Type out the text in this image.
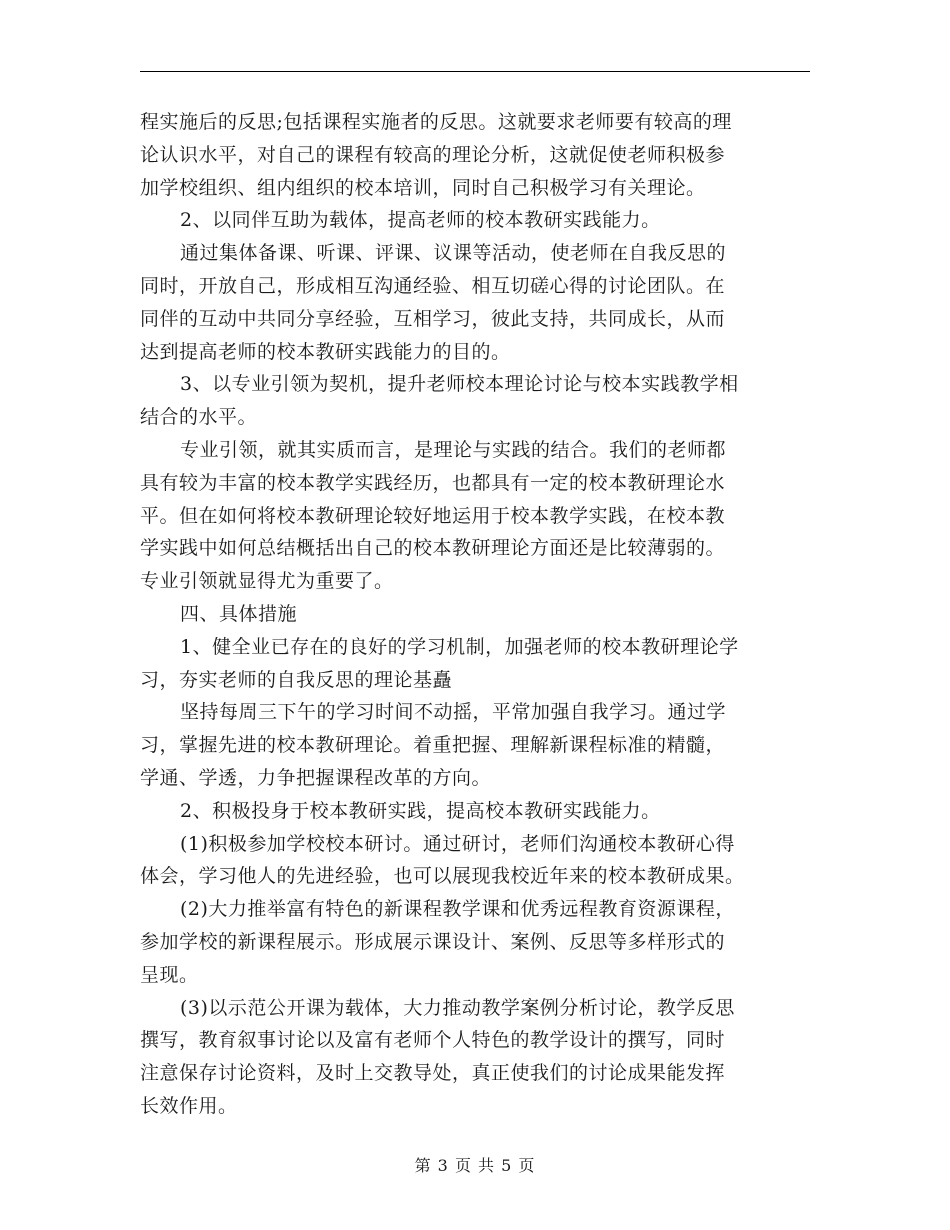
程实施后的反思;包括课程实施者的反思。这就要求老师要有较高的理
论认识水平，对自己的课程有较高的理论分析，这就促使老师积极参
加学校组织、组内组织的校本培训，同时自己积极学习有关理论。
2、以同伴互助为载体，提高老师的校本教研实践能力。
通过集体备课、听课、评课、议课等活动，使老师在自我反思的
同时，开放自己，形成相互沟通经验、相互切磋心得的讨论团队。在
同伴的互动中共同分享经验，互相学习，彼此支持，共同成长，从而
达到提高老师的校本教研实践能力的目的。
3、以专业引领为契机，提升老师校本理论讨论与校本实践教学相
结合的水平。
专业引领，就其实质而言，是理论与实践的结合。我们的老师都
具有较为丰富的校本教学实践经历，也都具有一定的校本教研理论水
平。但在如何将校本教研理论较好地运用于校本教学实践，在校本教
学实践中如何总结概括出自己的校本教研理论方面还是比较薄弱的。
专业引领就显得尤为重要了。
四、具体措施
1、健全业已存在的良好的学习机制，加强老师的校本教研理论学
习，夯实老师的自我反思的理论基矗
坚持每周三下午的学习时间不动摇，平常加强自我学习。通过学
习，掌握先进的校本教研理论。着重把握、理解新课程标准的精髓，
学通、学透，力争把握课程改革的方向。
2、积极投身于校本教研实践，提高校本教研实践能力。
(1)积极参加学校校本研讨。通过研讨，老师们沟通校本教研心得
体会，学习他人的先进经验，也可以展现我校近年来的校本教研成果。
(2)大力推举富有特色的新课程教学课和优秀远程教育资源课程，
参加学校的新课程展示。形成展示课设计、案例、反思等多样形式的
呈现。
(3)以示范公开课为载体，大力推动教学案例分析讨论，教学反思
撰写，教育叙事讨论以及富有老师个人特色的教学设计的撰写，同时
注意保存讨论资料，及时上交教导处，真正使我们的讨论成果能发挥
长效作用。
第 3 页 共 5 页
